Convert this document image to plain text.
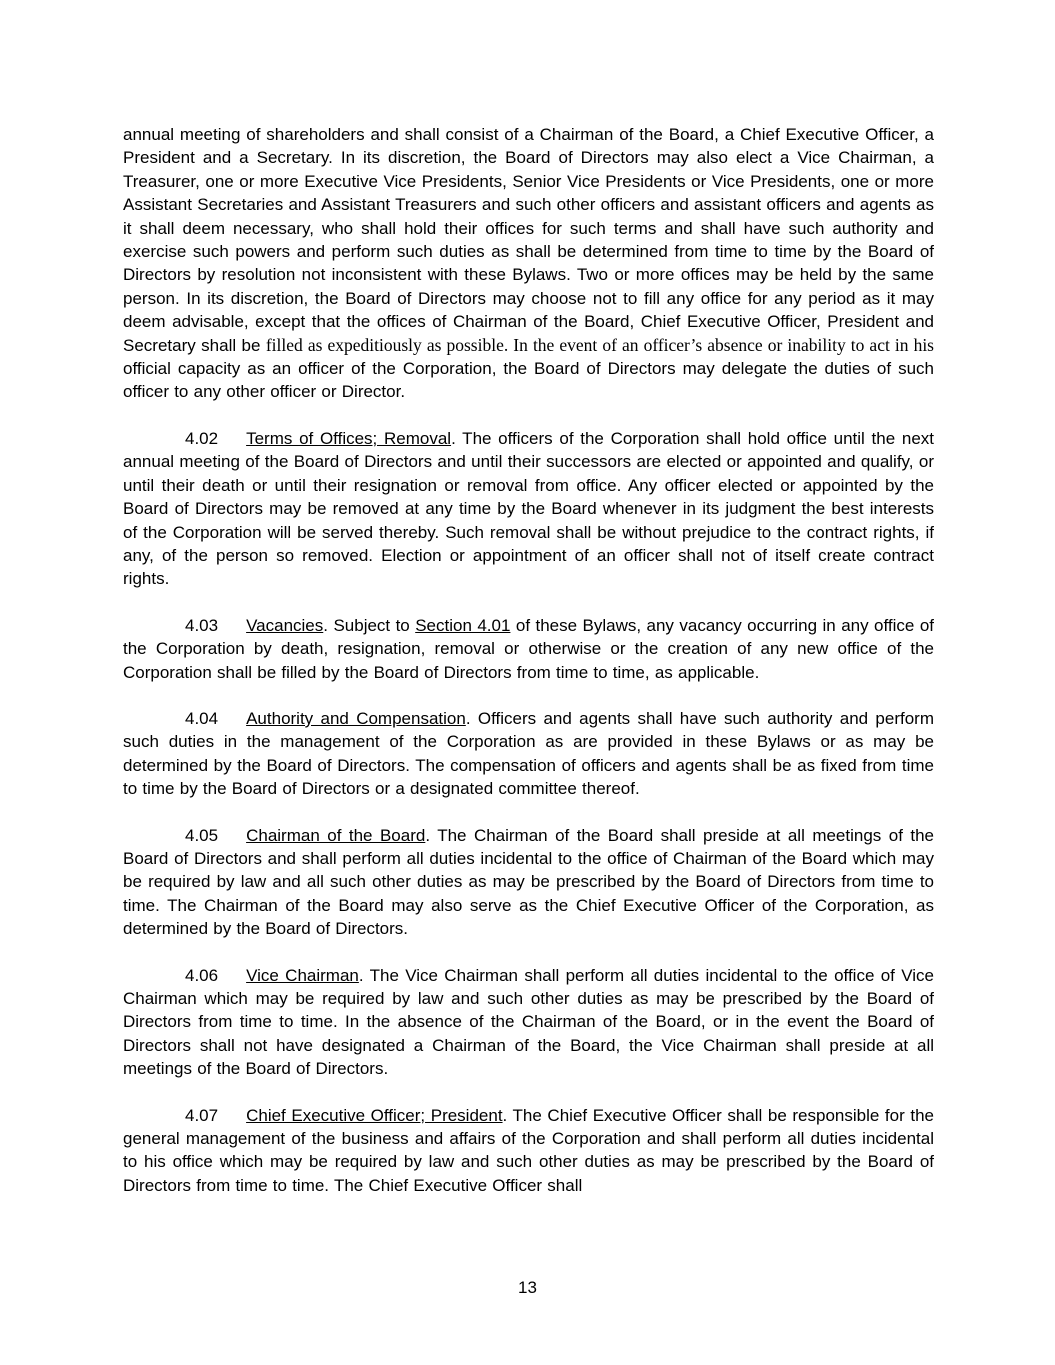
annual meeting of shareholders and shall consist of a Chairman of the Board, a Chief Executive Officer, a President and a Secretary. In its discretion, the Board of Directors may also elect a Vice Chairman, a Treasurer, one or more Executive Vice Presidents, Senior Vice Presidents or Vice Presidents, one or more Assistant Secretaries and Assistant Treasurers and such other officers and assistant officers and agents as it shall deem necessary, who shall hold their offices for such terms and shall have such authority and exercise such powers and perform such duties as shall be determined from time to time by the Board of Directors by resolution not inconsistent with these Bylaws. Two or more offices may be held by the same person. In its discretion, the Board of Directors may choose not to fill any office for any period as it may deem advisable, except that the offices of Chairman of the Board, Chief Executive Officer, President and Secretary shall be filled as expeditiously as possible. In the event of an officer’s absence or inability to act in his official capacity as an officer of the Corporation, the Board of Directors may delegate the duties of such officer to any other officer or Director.

4.02 Terms of Offices; Removal. The officers of the Corporation shall hold office until the next annual meeting of the Board of Directors and until their successors are elected or appointed and qualify, or until their death or until their resignation or removal from office. Any officer elected or appointed by the Board of Directors may be removed at any time by the Board whenever in its judgment the best interests of the Corporation will be served thereby. Such removal shall be without prejudice to the contract rights, if any, of the person so removed. Election or appointment of an officer shall not of itself create contract rights.

4.03 Vacancies. Subject to Section 4.01 of these Bylaws, any vacancy occurring in any office of the Corporation by death, resignation, removal or otherwise or the creation of any new office of the Corporation shall be filled by the Board of Directors from time to time, as applicable.

4.04 Authority and Compensation. Officers and agents shall have such authority and perform such duties in the management of the Corporation as are provided in these Bylaws or as may be determined by the Board of Directors. The compensation of officers and agents shall be as fixed from time to time by the Board of Directors or a designated committee thereof.

4.05 Chairman of the Board. The Chairman of the Board shall preside at all meetings of the Board of Directors and shall perform all duties incidental to the office of Chairman of the Board which may be required by law and all such other duties as may be prescribed by the Board of Directors from time to time. The Chairman of the Board may also serve as the Chief Executive Officer of the Corporation, as determined by the Board of Directors.

4.06 Vice Chairman. The Vice Chairman shall perform all duties incidental to the office of Vice Chairman which may be required by law and such other duties as may be prescribed by the Board of Directors from time to time. In the absence of the Chairman of the Board, or in the event the Board of Directors shall not have designated a Chairman of the Board, the Vice Chairman shall preside at all meetings of the Board of Directors.

4.07 Chief Executive Officer; President. The Chief Executive Officer shall be responsible for the general management of the business and affairs of the Corporation and shall perform all duties incidental to his office which may be required by law and such other duties as may be prescribed by the Board of Directors from time to time. The Chief Executive Officer shall

13
